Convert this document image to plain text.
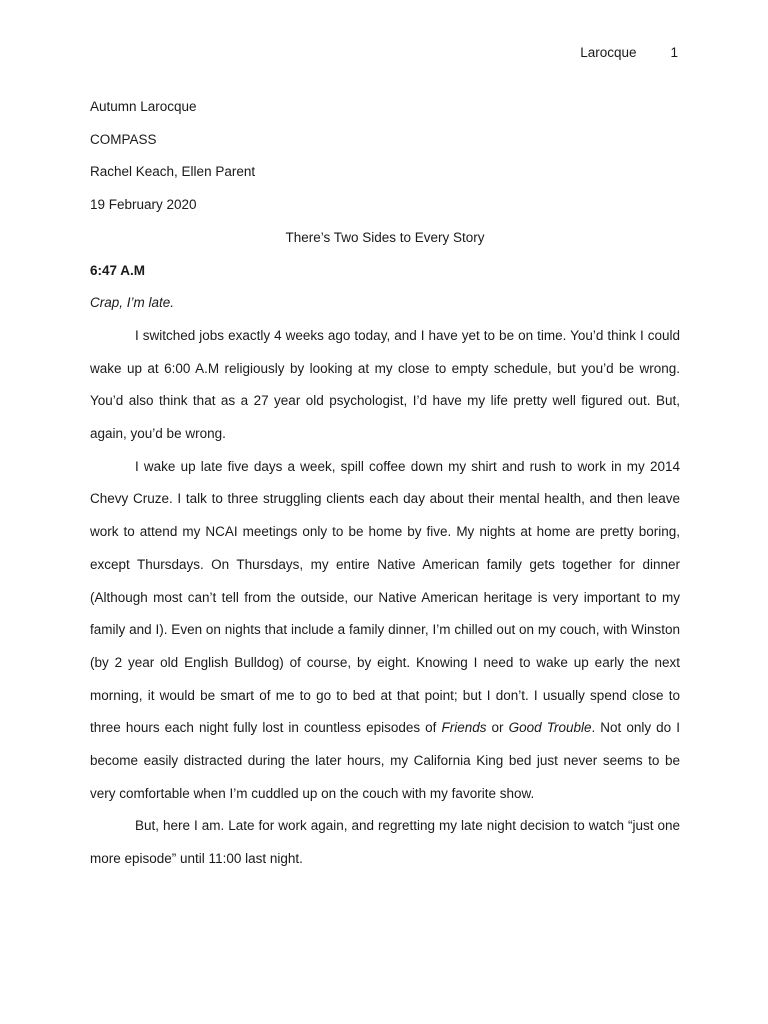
Larocque	1

Autumn Larocque

COMPASS

Rachel Keach, Ellen Parent

19 February 2020

There’s Two Sides to Every Story

6:47 A.M

Crap, I’m late.

I switched jobs exactly 4 weeks ago today, and I have yet to be on time. You’d think I could wake up at 6:00 A.M religiously by looking at my close to empty schedule, but you’d be wrong. You’d also think that as a 27 year old psychologist, I’d have my life pretty well figured out. But, again, you’d be wrong.

I wake up late five days a week, spill coffee down my shirt and rush to work in my 2014 Chevy Cruze. I talk to three struggling clients each day about their mental health, and then leave work to attend my NCAI meetings only to be home by five. My nights at home are pretty boring, except Thursdays. On Thursdays, my entire Native American family gets together for dinner (Although most can’t tell from the outside, our Native American heritage is very important to my family and I). Even on nights that include a family dinner, I’m chilled out on my couch, with Winston (by 2 year old English Bulldog) of course, by eight. Knowing I need to wake up early the next morning, it would be smart of me to go to bed at that point; but I don’t. I usually spend close to three hours each night fully lost in countless episodes of Friends or Good Trouble. Not only do I become easily distracted during the later hours, my California King bed just never seems to be very comfortable when I’m cuddled up on the couch with my favorite show.

But, here I am. Late for work again, and regretting my late night decision to watch “just one more episode” until 11:00 last night.
